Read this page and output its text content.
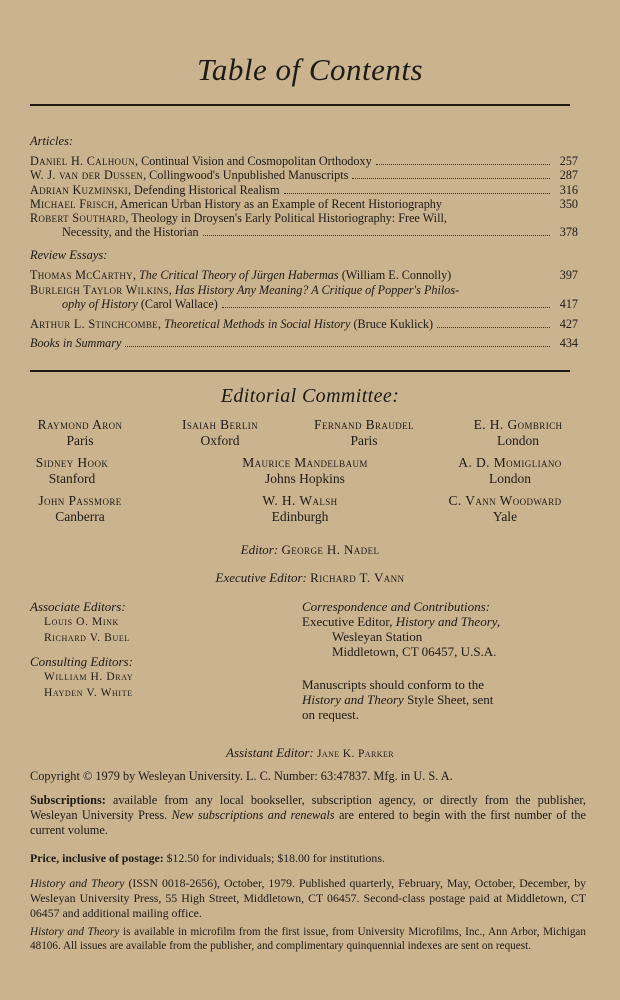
Table of Contents
Articles:
Daniel H. Calhoun, Continual Vision and Cosmopolitan Orthodoxy	257
W. J. van der Dussen, Collingwood's Unpublished Manuscripts	287
Adrian Kuzminski, Defending Historical Realism	316
Michael Frisch, American Urban History as an Example of Recent Historiography	350
Robert Southard, Theology in Droysen's Early Political Historiography: Free Will,
Necessity, and the Historian	378
Review Essays:
Thomas McCarthy, The Critical Theory of Jürgen Habermas (William E. Connolly)	397
Burleigh Taylor Wilkins, Has History Any Meaning? A Critique of Popper's Philos-
ophy of History (Carol Wallace)	417
Arthur L. Stinchcombe, Theoretical Methods in Social History (Bruce Kuklick)	427
Books in Summary	434
Editorial Committee:
Raymond Aron
Paris
Isaiah Berlin
Oxford
Fernand Braudel
Paris
E. H. Gombrich
London
Sidney Hook
Stanford
Maurice Mandelbaum
Johns Hopkins
A. D. Momigliano
London
John Passmore
Canberra
W. H. Walsh
Edinburgh
C. Vann Woodward
Yale
Editor: George H. Nadel
Executive Editor: Richard T. Vann
Associate Editors:
Louis O. Mink
Richard V. Buel
Consulting Editors:
William H. Dray
Hayden V. White
Correspondence and Contributions:
Executive Editor, History and Theory,
Wesleyan Station
Middletown, CT 06457, U.S.A.
Manuscripts should conform to the
History and Theory Style Sheet, sent
on request.
Assistant Editor: Jane K. Parker
Copyright © 1979 by Wesleyan University. L. C. Number: 63:47837. Mfg. in U. S. A.
Subscriptions: available from any local bookseller, subscription agency, or directly from the publisher, Wesleyan University Press. New subscriptions and renewals are entered to begin with the first number of the current volume.
Price, inclusive of postage: $12.50 for individuals; $18.00 for institutions.
History and Theory (ISSN 0018-2656), October, 1979. Published quarterly, February, May, October, December, by Wesleyan University Press, 55 High Street, Middletown, CT 06457. Second-class postage paid at Middletown, CT 06457 and additional mailing office.
History and Theory is available in microfilm from the first issue, from University Microfilms, Inc., Ann Arbor, Michigan 48106. All issues are available from the publisher, and complimentary quinquennial indexes are sent on request.
